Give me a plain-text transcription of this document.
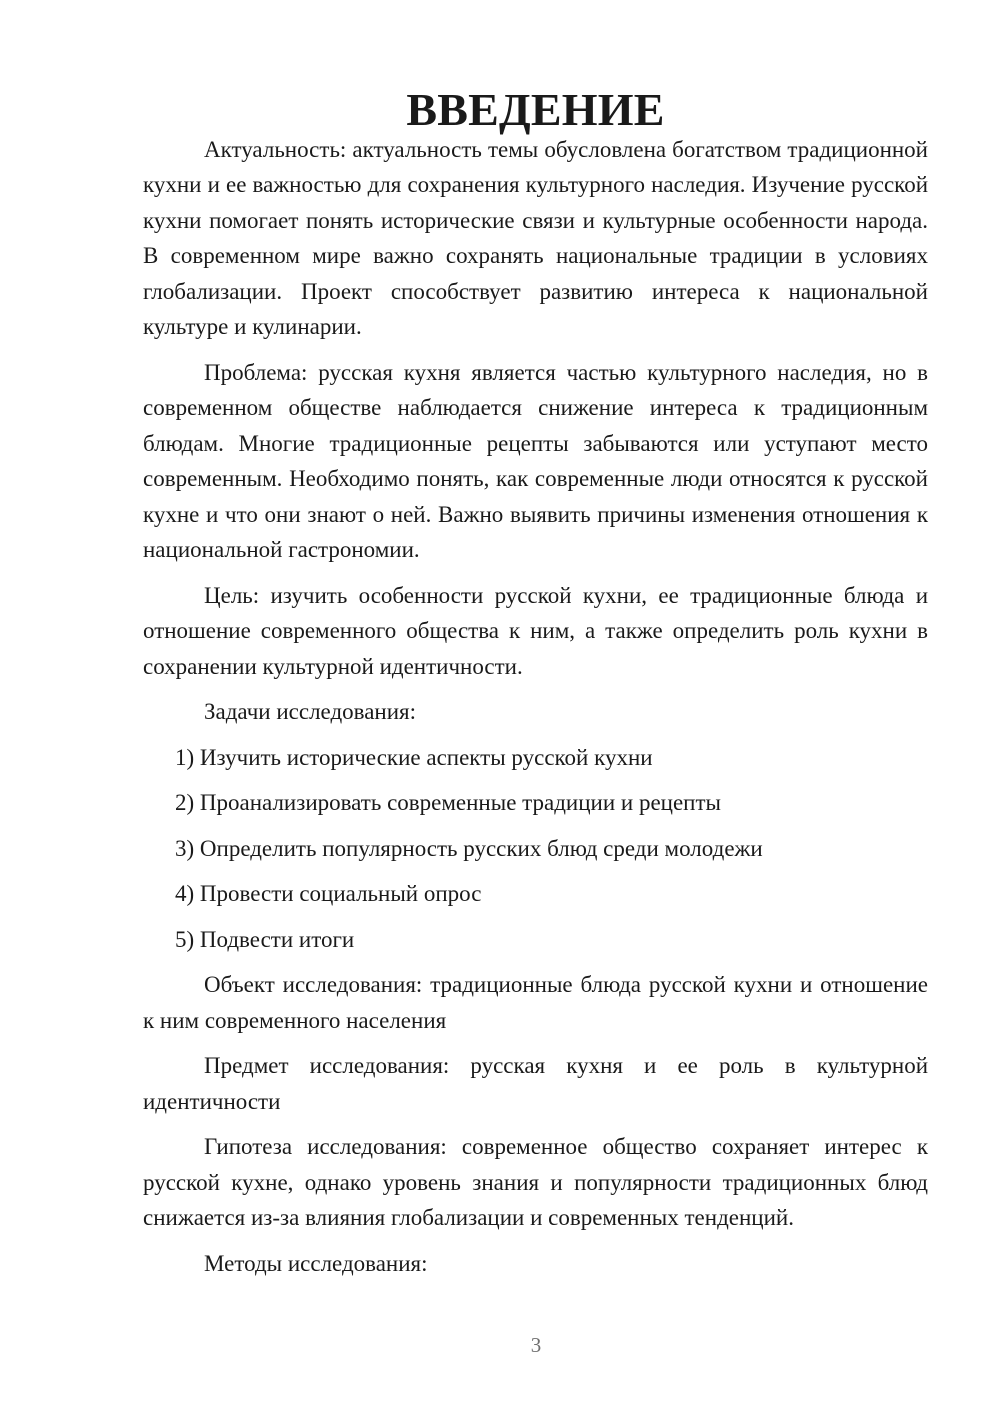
ВВЕДЕНИЕ

Актуальность: актуальность темы обусловлена богатством традиционной кухни и ее важностью для сохранения культурного наследия. Изучение русской кухни помогает понять исторические связи и культурные особенности народа. В современном мире важно сохранять национальные традиции в условиях глобализации. Проект способствует развитию интереса к национальной культуре и кулинарии.

Проблема: русская кухня является частью культурного наследия, но в современном обществе наблюдается снижение интереса к традиционным блюдам. Многие традиционные рецепты забываются или уступают место современным. Необходимо понять, как современные люди относятся к русской кухне и что они знают о ней. Важно выявить причины изменения отношения к национальной гастрономии.

Цель: изучить особенности русской кухни, ее традиционные блюда и отношение современного общества к ним, а также определить роль кухни в сохранении культурной идентичности.

Задачи исследования:

1) Изучить исторические аспекты русской кухни
2) Проанализировать современные традиции и рецепты
3) Определить популярность русских блюд среди молодежи
4) Провести социальный опрос
5) Подвести итоги

Объект исследования: традиционные блюда русской кухни и отношение к ним современного населения

Предмет исследования: русская кухня и ее роль в культурной идентичности

Гипотеза исследования: современное общество сохраняет интерес к русской кухне, однако уровень знания и популярности традиционных блюд снижается из-за влияния глобализации и современных тенденций.

Методы исследования:

3
